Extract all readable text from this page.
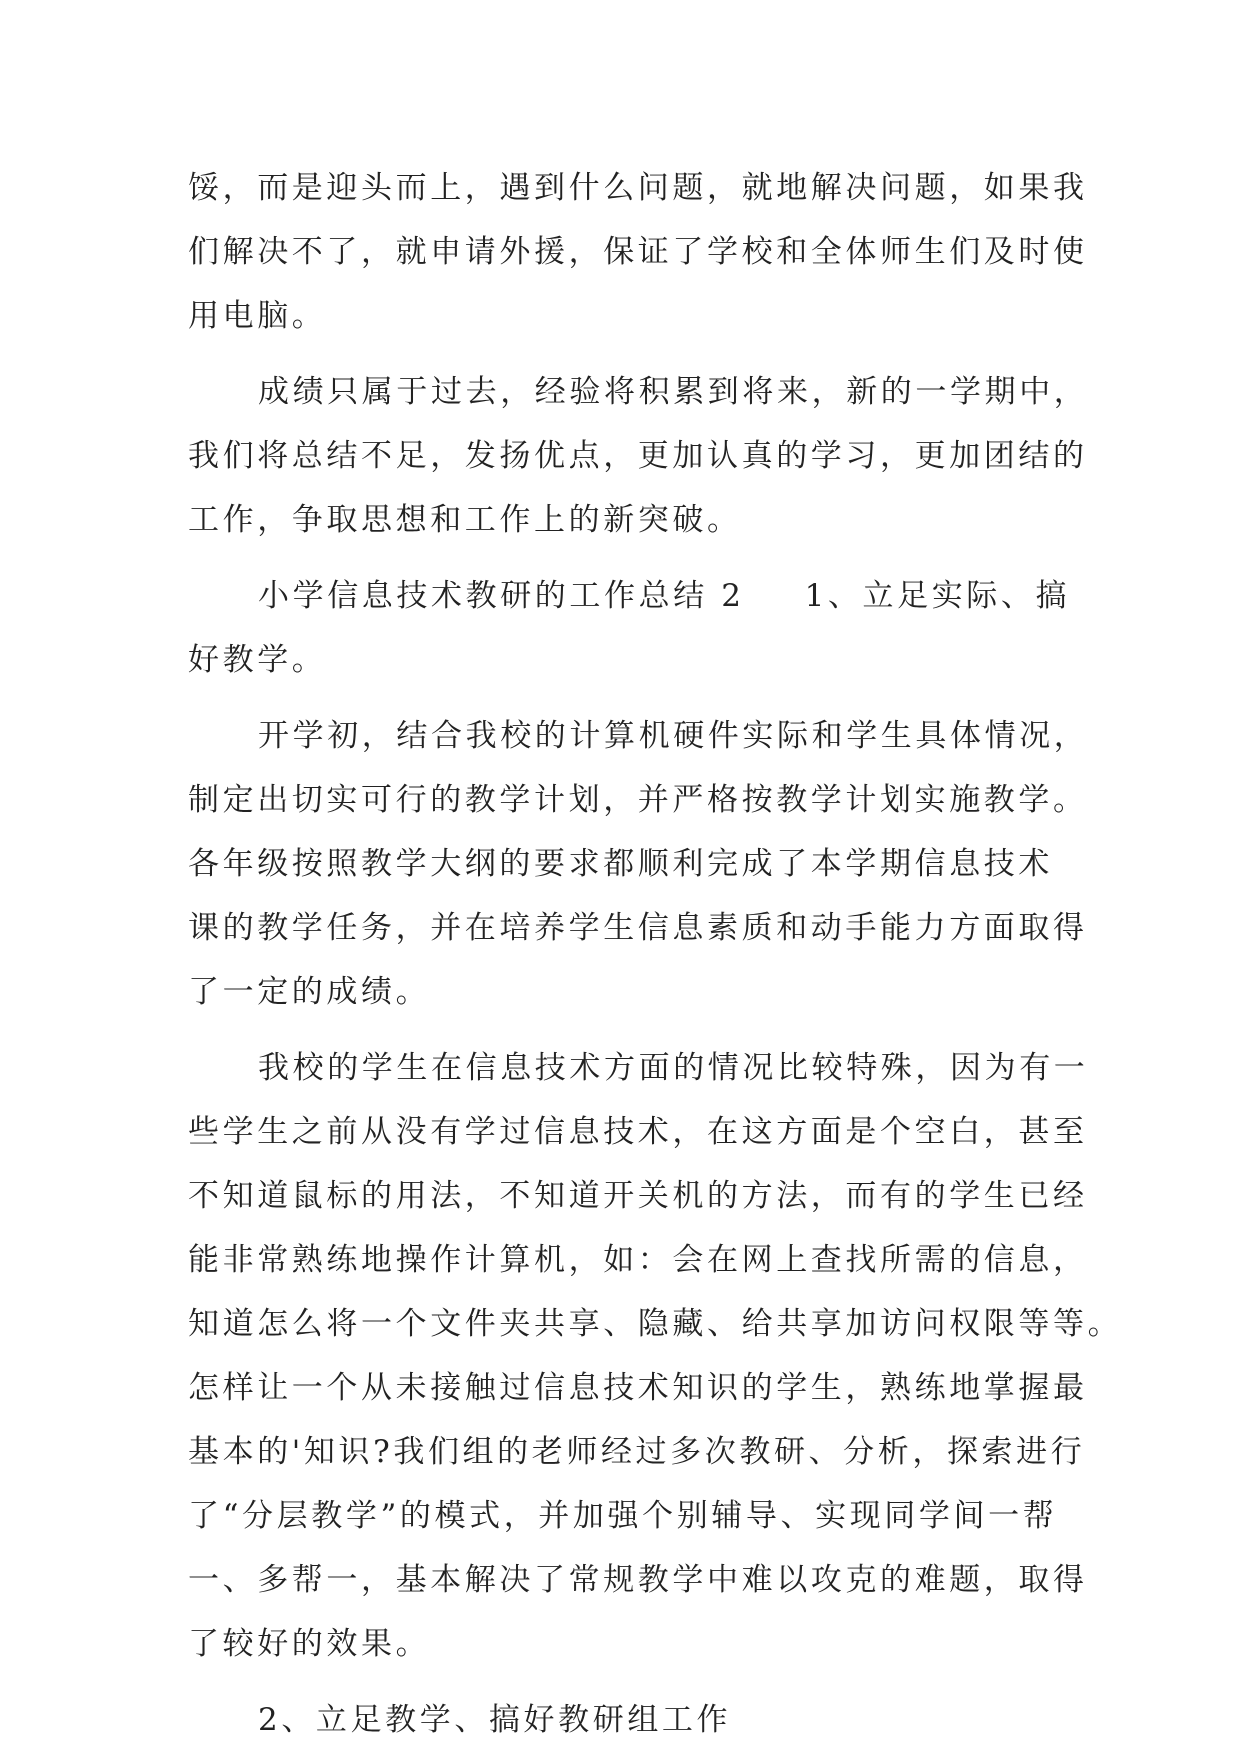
馁，而是迎头而上，遇到什么问题，就地解决问题，如果我
们解决不了，就申请外援，保证了学校和全体师生们及时使
用电脑。
成绩只属于过去，经验将积累到将来，新的一学期中，
我们将总结不足，发扬优点，更加认真的学习，更加团结的
工作，争取思想和工作上的新突破。
小学信息技术教研的工作总结 2 1、立足实际、搞
好教学。
开学初，结合我校的计算机硬件实际和学生具体情况，
制定出切实可行的教学计划，并严格按教学计划实施教学。
各年级按照教学大纲的要求都顺利完成了本学期信息技术
课的教学任务，并在培养学生信息素质和动手能力方面取得
了一定的成绩。
我校的学生在信息技术方面的情况比较特殊，因为有一
些学生之前从没有学过信息技术，在这方面是个空白，甚至
不知道鼠标的用法，不知道开关机的方法，而有的学生已经
能非常熟练地操作计算机，如：会在网上查找所需的信息，
知道怎么将一个文件夹共享、隐藏、给共享加访问权限等等。
怎样让一个从未接触过信息技术知识的学生，熟练地掌握最
基本的'知识?我们组的老师经过多次教研、分析，探索进行
了“分层教学”的模式，并加强个别辅导、实现同学间一帮
一、多帮一，基本解决了常规教学中难以攻克的难题，取得
了较好的效果。
2、立足教学、搞好教研组工作
